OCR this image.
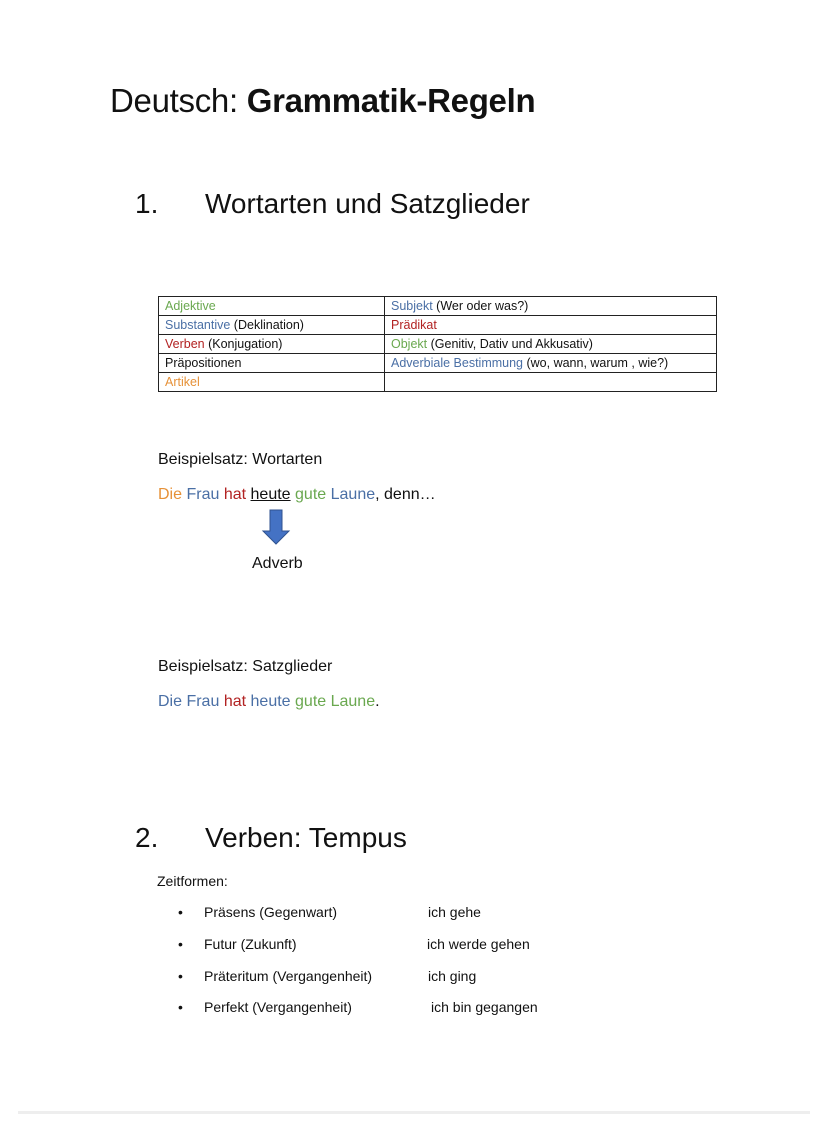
Deutsch: Grammatik-Regeln
1. Wortarten und Satzglieder
Adjektive	Subjekt (Wer oder was?)
Substantive (Deklination)	Prädikat
Verben (Konjugation)	Objekt (Genitiv, Dativ und Akkusativ)
Präpositionen	Adverbiale Bestimmung (wo, wann, warum , wie?)
Artikel	
Beispielsatz: Wortarten
Die Frau hat heute gute Laune, denn…
Adverb
Beispielsatz: Satzglieder
Die Frau hat heute gute Laune.
2. Verben: Tempus
Zeitformen:
• Präsens (Gegenwart)	ich gehe
• Futur (Zukunft)	ich werde gehen
• Präteritum (Vergangenheit)	ich ging
• Perfekt (Vergangenheit)	ich bin gegangen
